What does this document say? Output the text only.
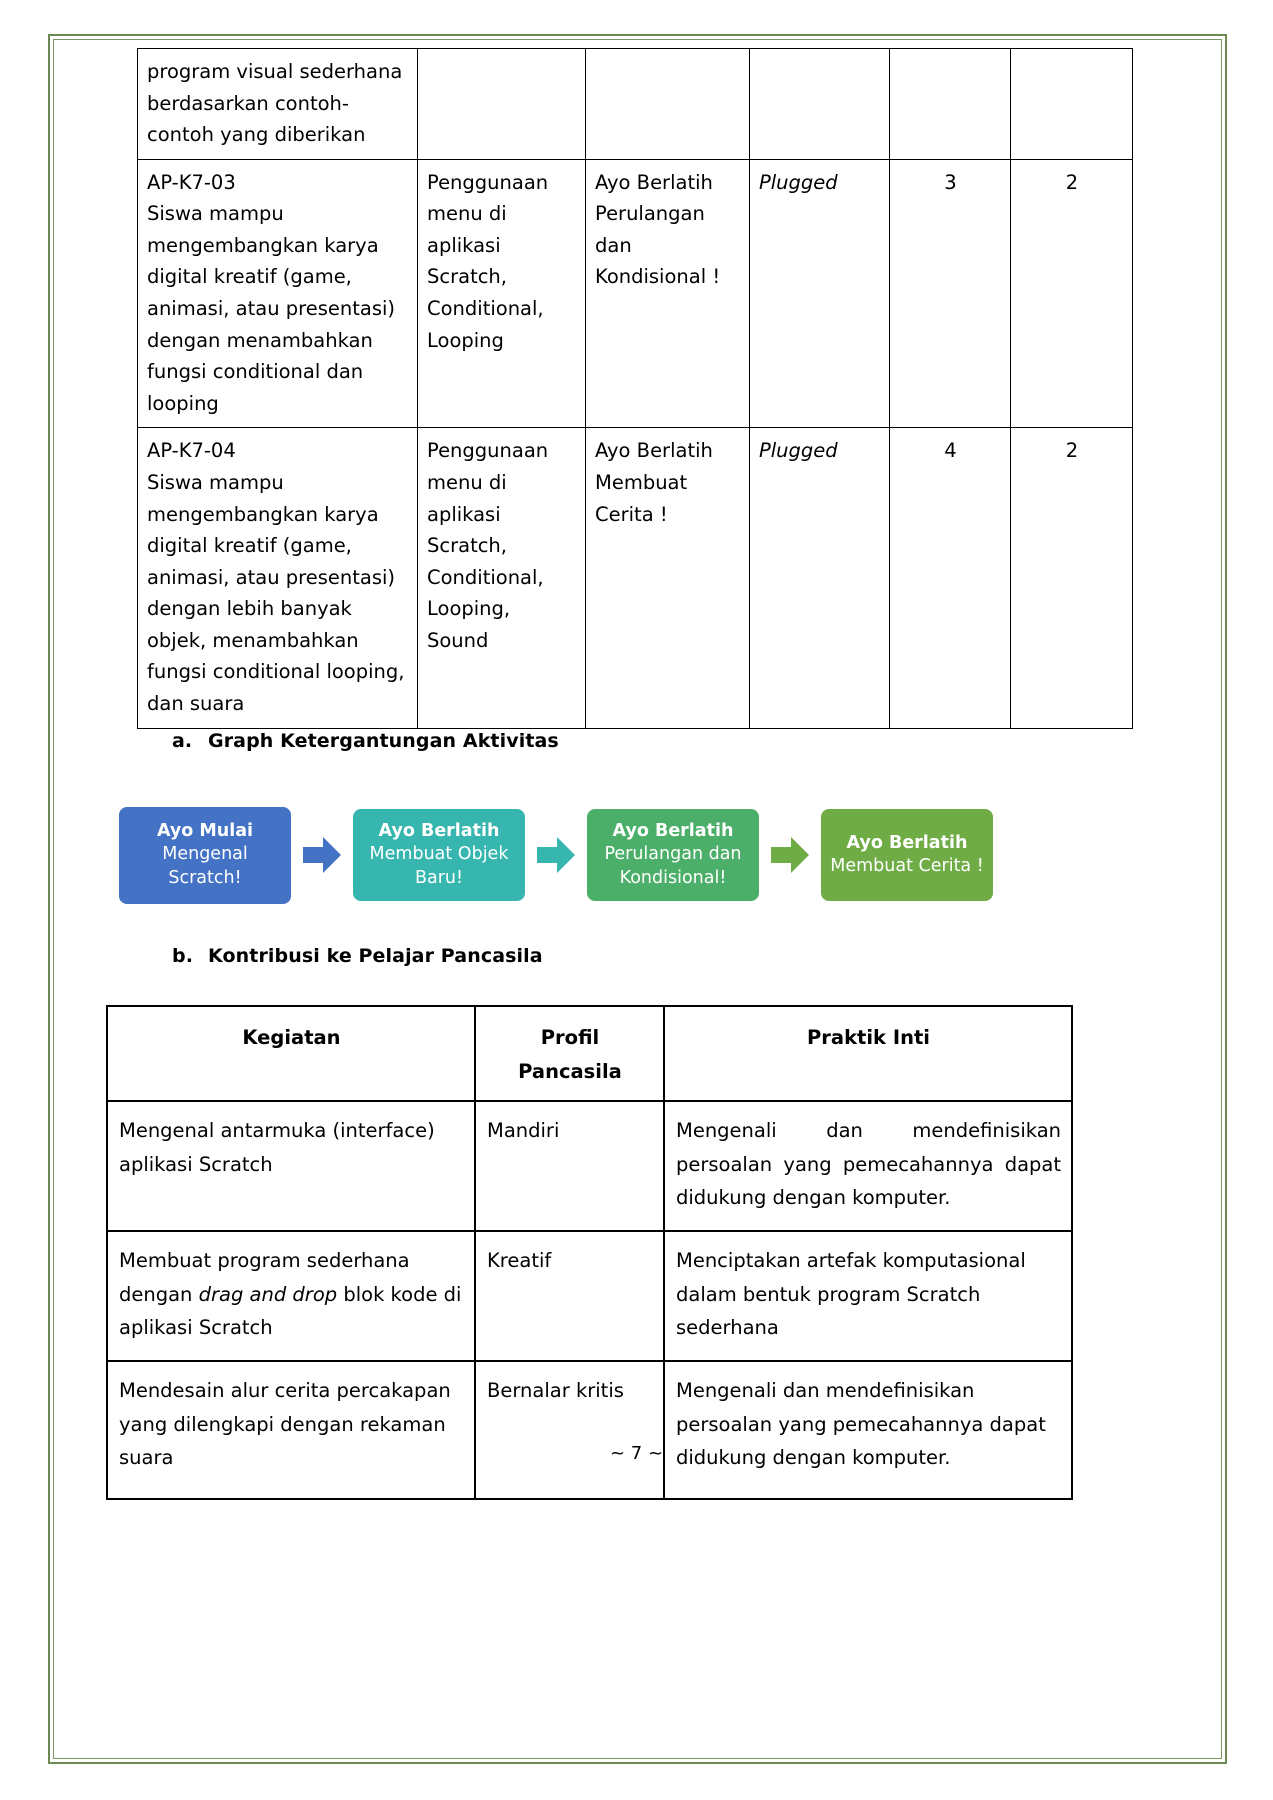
program visual sederhana berdasarkan contoh-contoh yang diberikan					

AP-K7-03
Siswa mampu mengembangkan karya digital kreatif (game, animasi, atau presentasi) dengan menambahkan fungsi conditional dan looping	Penggunaan menu di aplikasi Scratch, Conditional, Looping	Ayo Berlatih Perulangan dan Kondisional !	Plugged	3	2

AP-K7-04
Siswa mampu mengembangkan karya digital kreatif (game, animasi, atau presentasi) dengan lebih banyak objek, menambahkan fungsi conditional looping, dan suara	Penggunaan menu di aplikasi Scratch, Conditional, Looping, Sound	Ayo Berlatih Membuat Cerita !	Plugged	4	2
a. Graph Ketergantungan Aktivitas
Ayo Mulai
Mengenal Scratch!
Ayo Berlatih
Membuat Objek Baru!
Ayo Berlatih
Perulangan dan Kondisional!
Ayo Berlatih
Membuat Cerita !
b. Kontribusi ke Pelajar Pancasila
Kegiatan	Profil Pancasila	Praktik Inti
Mengenal antarmuka (interface) aplikasi Scratch	Mandiri	Mengenali dan mendefinisikan persoalan yang pemecahannya dapat didukung dengan komputer.
Membuat program sederhana dengan drag and drop blok kode di aplikasi Scratch	Kreatif	Menciptakan artefak komputasional dalam bentuk program Scratch sederhana
Mendesain alur cerita percakapan yang dilengkapi dengan rekaman suara	Bernalar kritis	Mengenali dan mendefinisikan persoalan yang pemecahannya dapat didukung dengan komputer.
~ 7 ~
